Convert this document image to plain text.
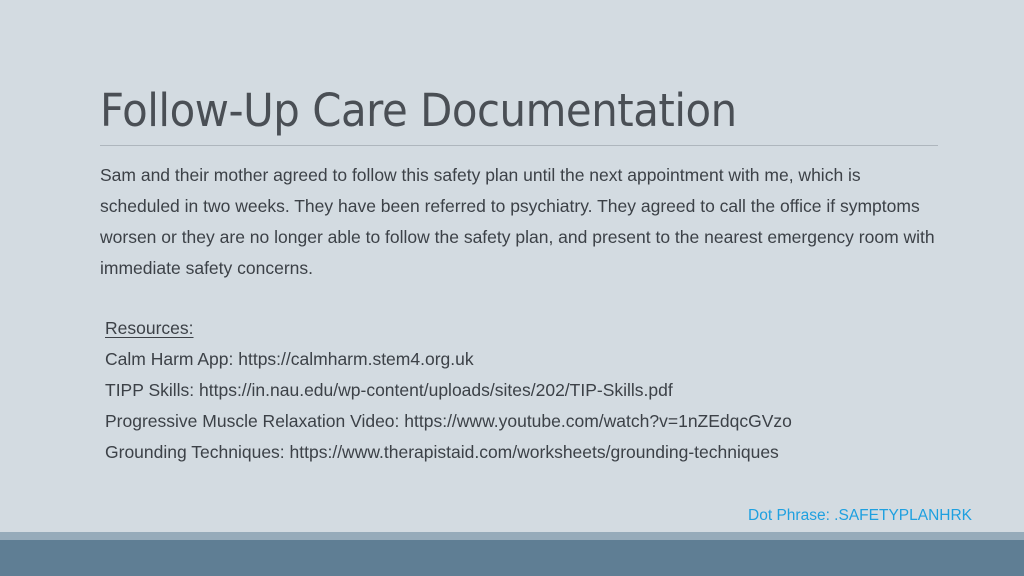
Follow-Up Care Documentation
Sam and their mother agreed to follow this safety plan until the next appointment with me, which is scheduled in two weeks. They have been referred to psychiatry. They agreed to call the office if symptoms worsen or they are no longer able to follow the safety plan, and present to the nearest emergency room with immediate safety concerns.
Resources:
Calm Harm App: https://calmharm.stem4.org.uk
TIPP Skills: https://in.nau.edu/wp-content/uploads/sites/202/TIP-Skills.pdf
Progressive Muscle Relaxation Video: https://www.youtube.com/watch?v=1nZEdqcGVzo
Grounding Techniques: https://www.therapistaid.com/worksheets/grounding-techniques
Dot Phrase: .SAFETYPLANHRK
